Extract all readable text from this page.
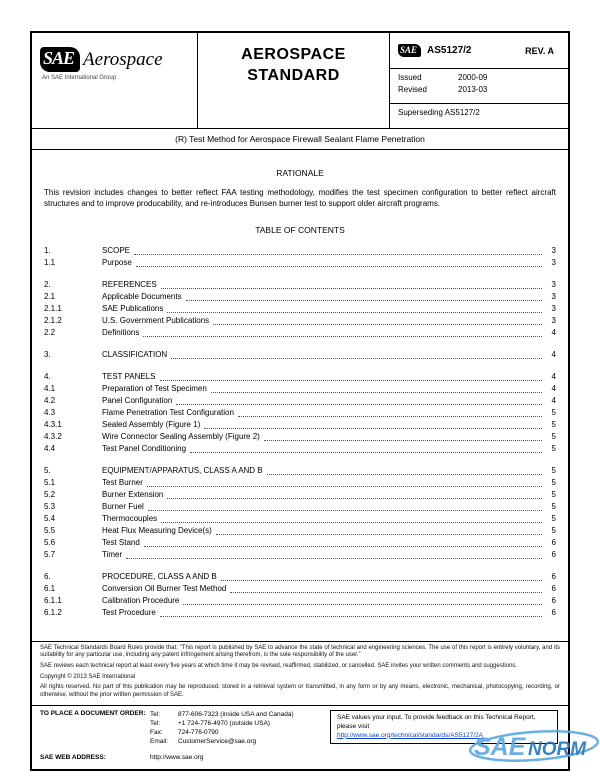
SAE Aerospace
An SAE International Group
AEROSPACE
STANDARD
SAE	AS5127/2	REV. A
Issued	2000-09
Revised	2013-03
Superseding AS5127/2
(R) Test Method for Aerospace Firewall Sealant Flame Penetration
RATIONALE

This revision includes changes to better reflect FAA testing methodology, modifies the test specimen configuration to better reflect aircraft structures and to improve producability, and re-introduces Bunsen burner test to support older aircraft programs.

TABLE OF CONTENTS
1.	SCOPE	3
1.1	Purpose	3
2.	REFERENCES	3
2.1	Applicable Documents	3
2.1.1	SAE Publications	3
2.1.2	U.S. Government Publications	3
2.2	Definitions	4
3.	CLASSIFICATION	4
4.	TEST PANELS	4
4.1	Preparation of Test Specimen	4
4.2	Panel Configuration	4
4.3	Flame Penetration Test Configuration	5
4.3.1	Sealed Assembly (Figure 1)	5
4.3.2	Wire Connector Sealing Assembly (Figure 2)	5
4.4	Test Panel Conditioning	5
5.	EQUIPMENT/APPARATUS, CLASS A AND B	5
5.1	Test Burner	5
5.2	Burner Extension	5
5.3	Burner Fuel	5
5.4	Thermocouples	5
5.5	Heat Flux Measuring Device(s)	5
5.6	Test Stand	6
5.7	Timer	6
6.	PROCEDURE, CLASS A AND B	6
6.1	Conversion Oil Burner Test Method	6
6.1.1	Calibration Procedure	6
6.1.2	Test Procedure	6

SAE Technical Standards Board Rules provide that: "This report is published by SAE to advance the state of technical and engineering sciences. The use of this report is entirely voluntary, and its suitability for any particular use, including any patent infringement arising therefrom, is the sole responsibility of the user."

SAE reviews each technical report at least every five years at which time it may be revised, reaffirmed, stabilized, or cancelled. SAE invites your written comments and suggestions.

Copyright © 2013 SAE International

All rights reserved. No part of this publication may be reproduced, stored in a retrieval system or transmitted, in any form or by any means, electronic, mechanical, photocopying, recording, or otherwise, without the prior written permission of SAE.

TO PLACE A DOCUMENT ORDER: Tel:	877-606-7323 (inside USA and Canada)
Tel:	+1 724-776-4970 (outside USA)
Fax:	724-776-0790
Email:	CustomerService@sae.org
SAE values your input. To provide feedback on this Technical Report, please visit
http://www.sae.org/technical/standards/AS5127/2A
SAE WEB ADDRESS:	http://www.sae.org	SAE NORM
